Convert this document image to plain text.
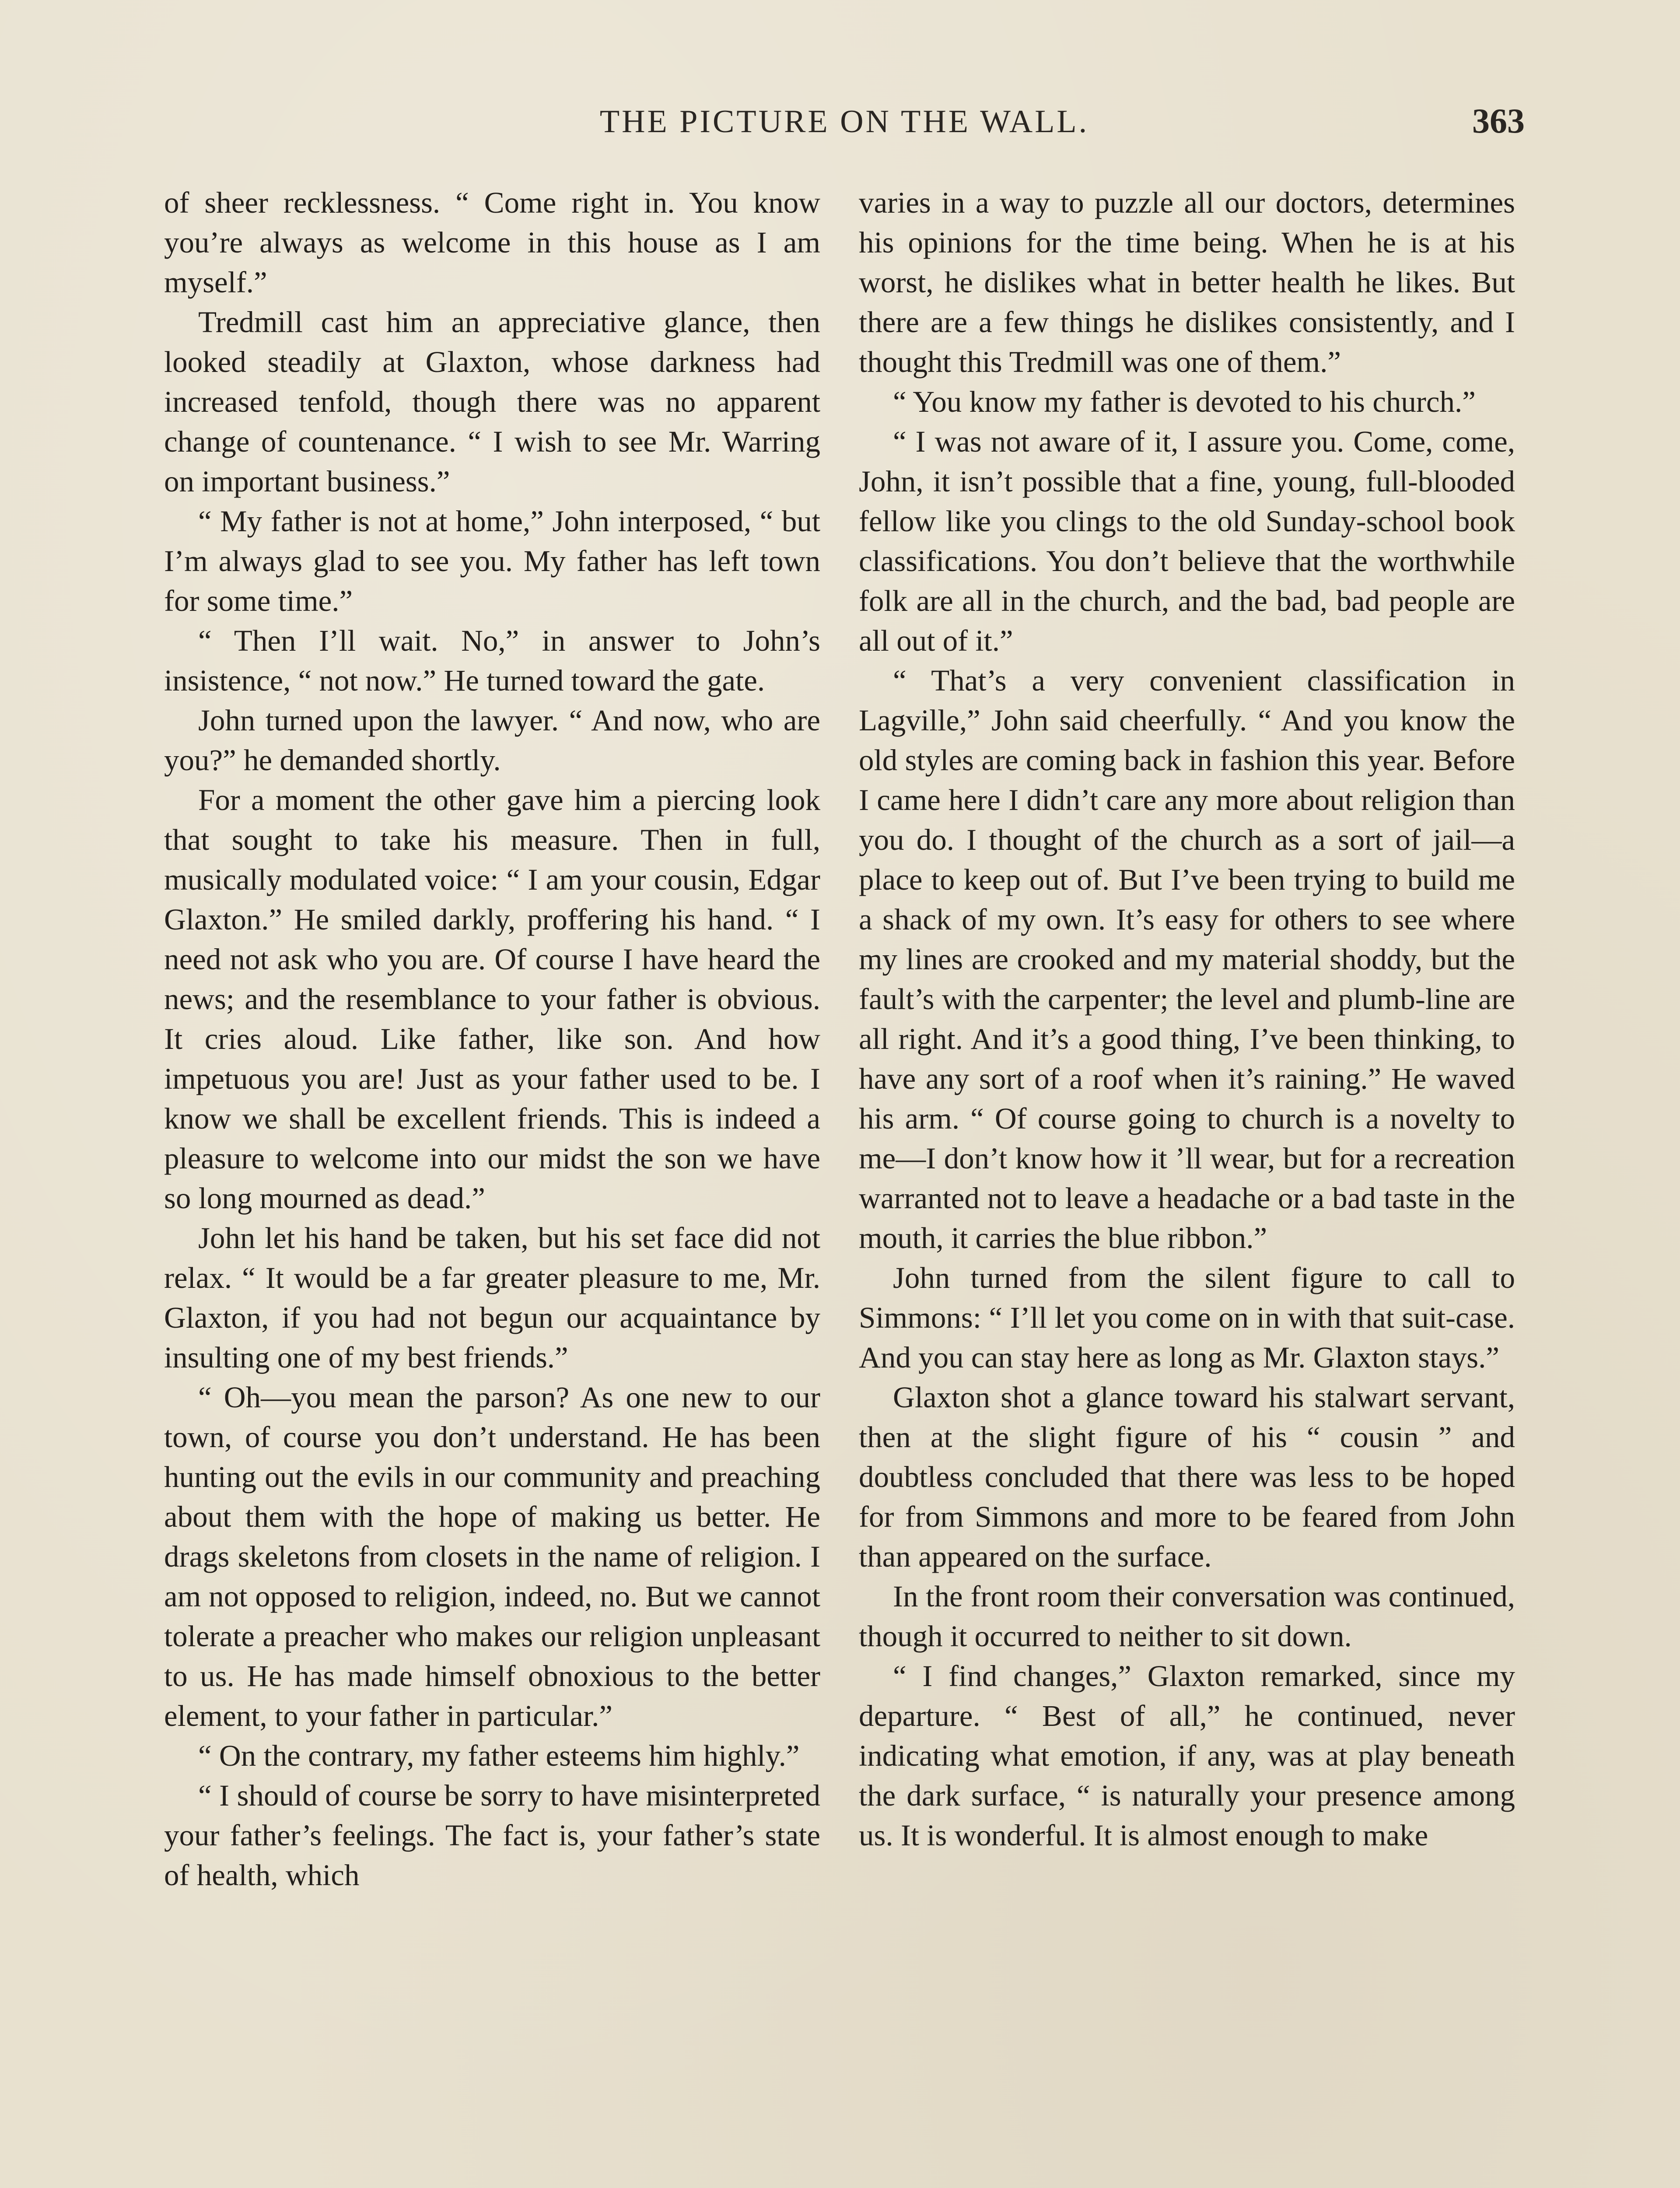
THE PICTURE ON THE WALL.	363

of sheer recklessness. “ Come right in. You know you’re always as welcome in this house as I am myself.”

Tredmill cast him an appreciative glance, then looked steadily at Glaxton, whose darkness had increased tenfold, though there was no apparent change of countenance. “ I wish to see Mr. Warring on important business.”

“ My father is not at home,” John interposed, “ but I’m always glad to see you. My father has left town for some time.”

“ Then I’ll wait. No,” in answer to John’s insistence, “ not now.” He turned toward the gate.

John turned upon the lawyer. “ And now, who are you?” he demanded shortly.

For a moment the other gave him a piercing look that sought to take his measure. Then in full, musically modulated voice: “ I am your cousin, Edgar Glaxton.” He smiled darkly, proffering his hand. “ I need not ask who you are. Of course I have heard the news; and the resemblance to your father is obvious. It cries aloud. Like father, like son. And how impetuous you are! Just as your father used to be. I know we shall be excellent friends. This is indeed a pleasure to welcome into our midst the son we have so long mourned as dead.”

John let his hand be taken, but his set face did not relax. “ It would be a far greater pleasure to me, Mr. Glaxton, if you had not begun our acquaintance by insulting one of my best friends.”

“ Oh—you mean the parson? As one new to our town, of course you don’t understand. He has been hunting out the evils in our community and preaching about them with the hope of making us better. He drags skeletons from closets in the name of religion. I am not opposed to religion, indeed, no. But we cannot tolerate a preacher who makes our religion unpleasant to us. He has made himself obnoxious to the better element, to your father in particular.”

“ On the contrary, my father esteems him highly.”

“ I should of course be sorry to have misinterpreted your father’s feelings. The fact is, your father’s state of health, which

varies in a way to puzzle all our doctors, determines his opinions for the time being. When he is at his worst, he dislikes what in better health he likes. But there are a few things he dislikes consistently, and I thought this Tredmill was one of them.”

“ You know my father is devoted to his church.”

“ I was not aware of it, I assure you. Come, come, John, it isn’t possible that a fine, young, full-blooded fellow like you clings to the old Sunday-school book classifications. You don’t believe that the worthwhile folk are all in the church, and the bad, bad people are all out of it.”

“ That’s a very convenient classification in Lagville,” John said cheerfully. “ And you know the old styles are coming back in fashion this year. Before I came here I didn’t care any more about religion than you do. I thought of the church as a sort of jail—a place to keep out of. But I’ve been trying to build me a shack of my own. It’s easy for others to see where my lines are crooked and my material shoddy, but the fault’s with the carpenter; the level and plumb-line are all right. And it’s a good thing, I’ve been thinking, to have any sort of a roof when it’s raining.” He waved his arm. “ Of course going to church is a novelty to me—I don’t know how it ’ll wear, but for a recreation warranted not to leave a headache or a bad taste in the mouth, it carries the blue ribbon.”

John turned from the silent figure to call to Simmons: “ I’ll let you come on in with that suit-case. And you can stay here as long as Mr. Glaxton stays.”

Glaxton shot a glance toward his stalwart servant, then at the slight figure of his “ cousin ” and doubtless concluded that there was less to be hoped for from Simmons and more to be feared from John than appeared on the surface.

In the front room their conversation was continued, though it occurred to neither to sit down.

“ I find changes,” Glaxton remarked, since my departure. “ Best of all,” he continued, never indicating what emotion, if any, was at play beneath the dark surface, “ is naturally your presence among us. It is wonderful. It is almost enough to make
